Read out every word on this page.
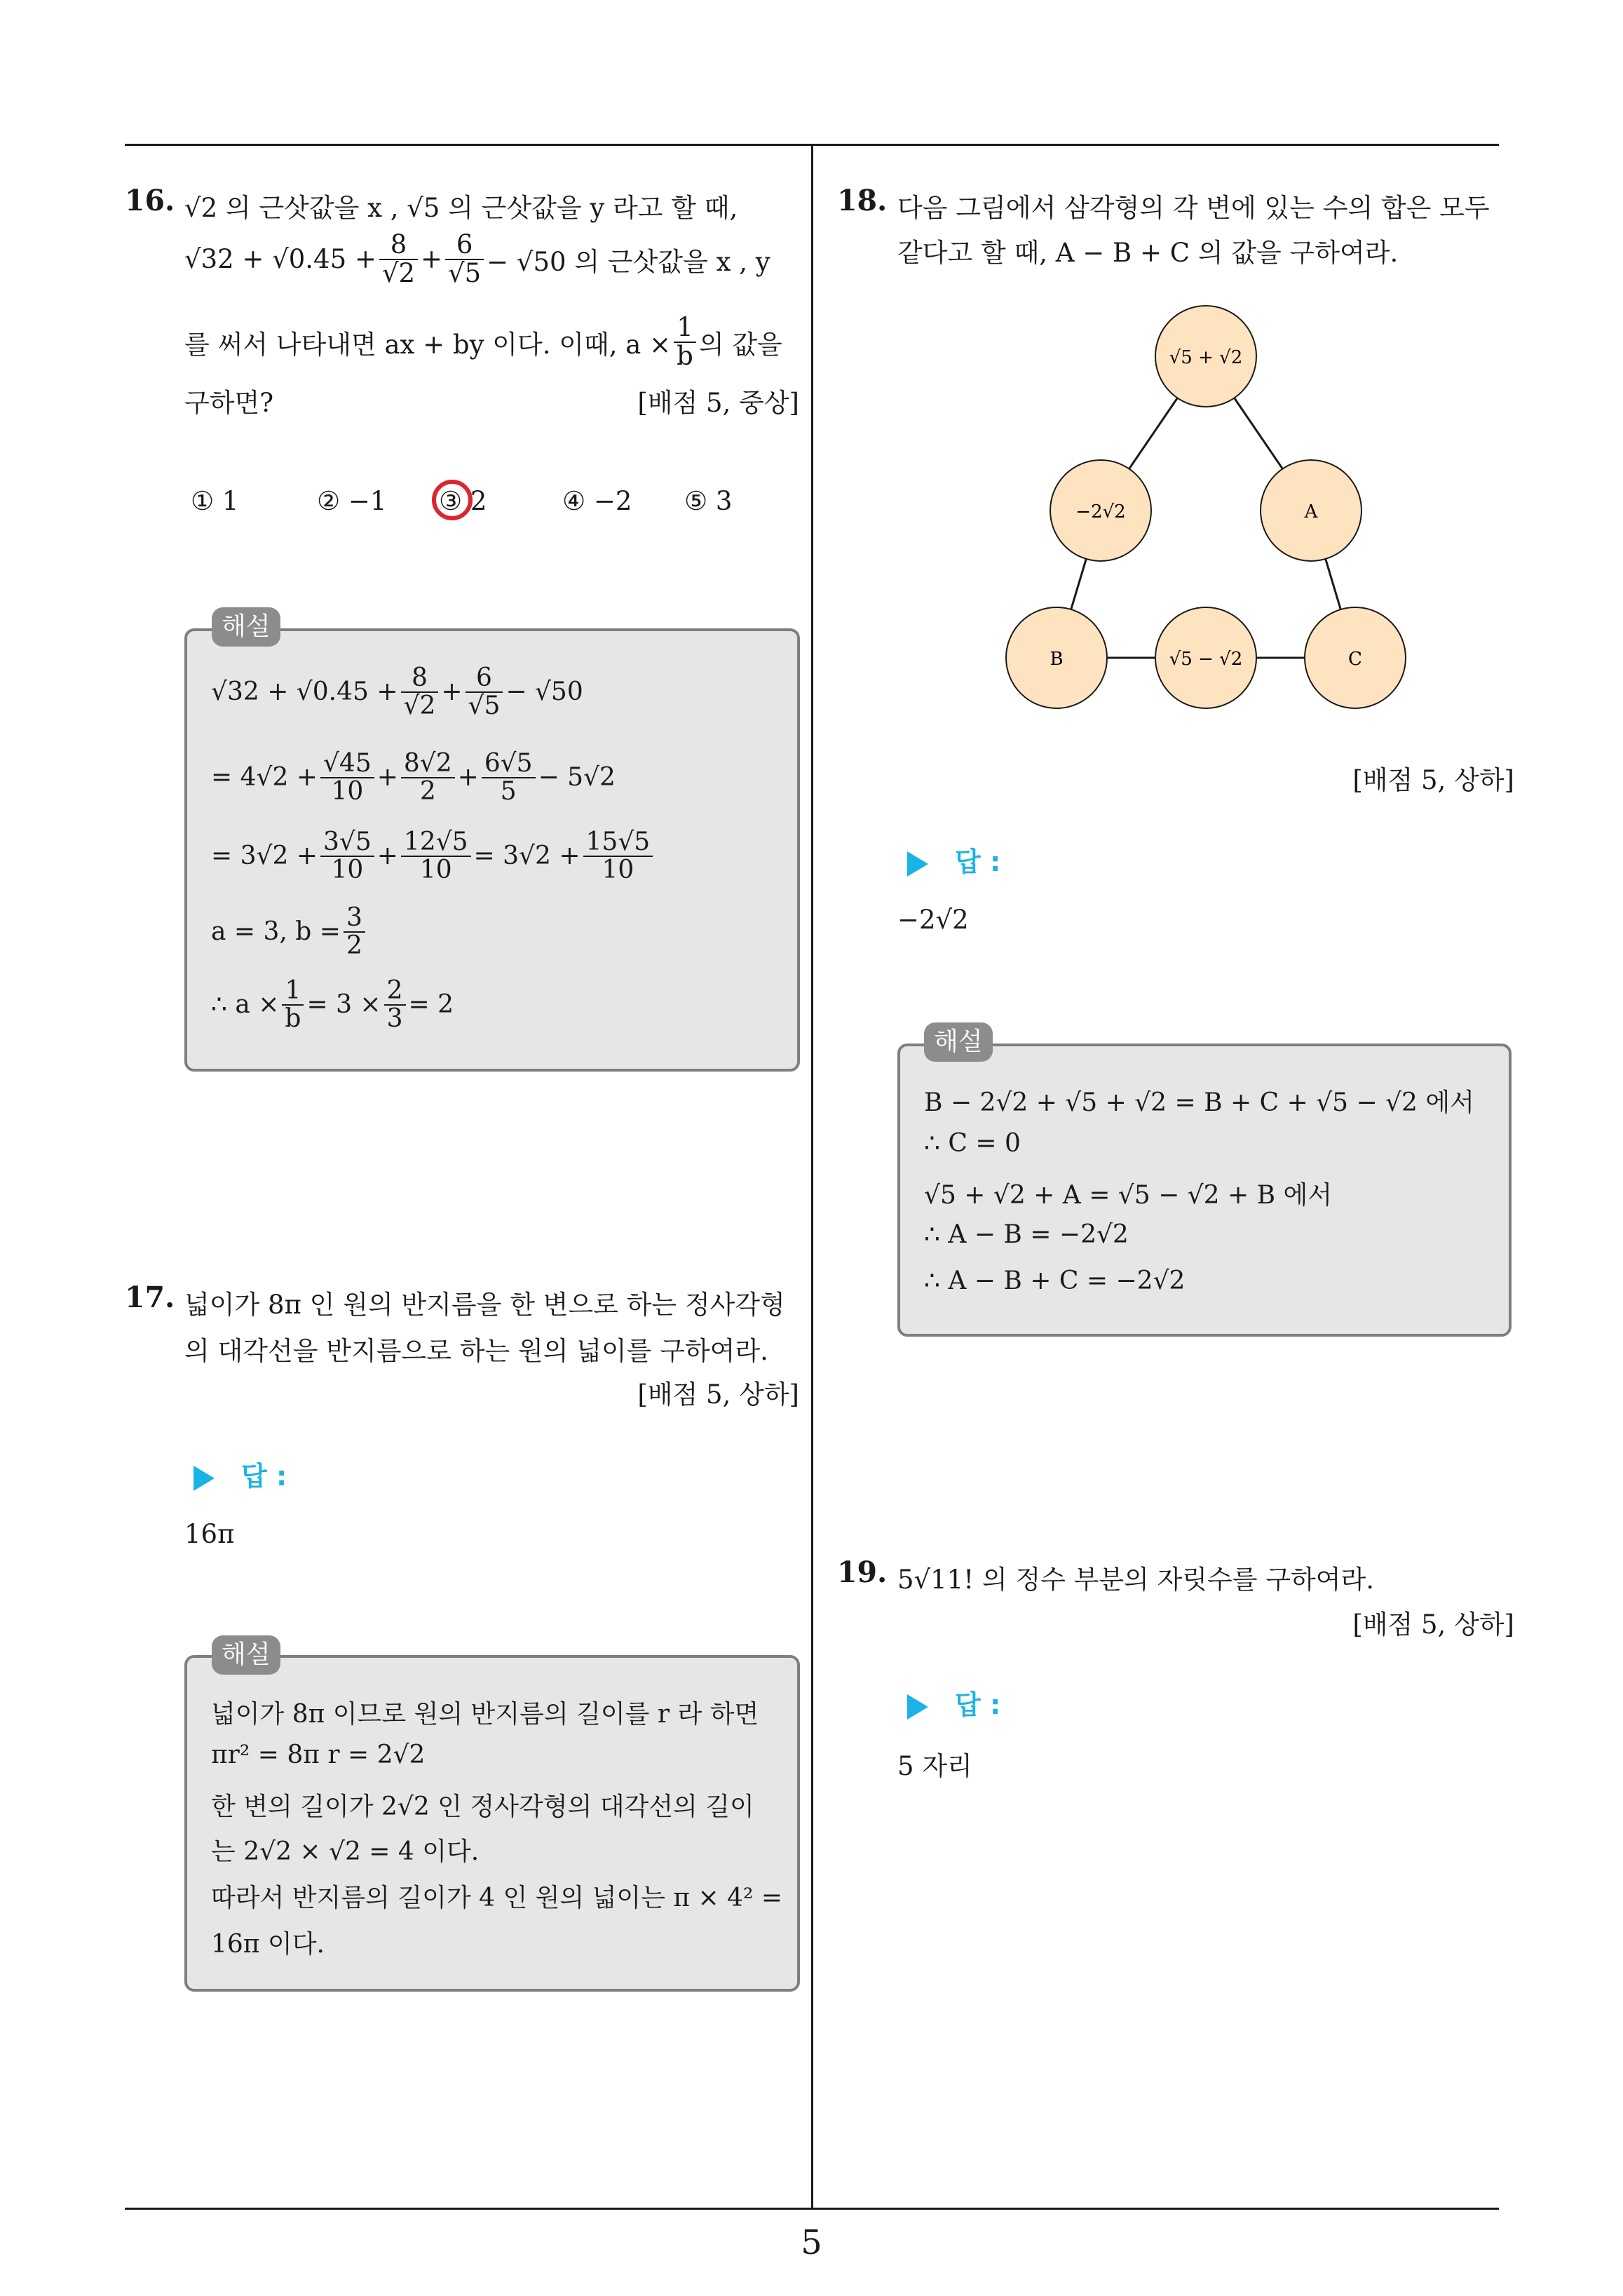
16. √2 의 근삿값을 x , √5 의 근삿값을 y 라고 할 때,
$√32 + √0.45 + \frac{8}{√2} + \frac{6}{√5} - √50$ 의 근삿값을 x , y
를 써서 나타내면 ax + by 이다. 이때, $a \times \frac{1}{b}$ 의 값을
구하면?	[배점 5, 중상]
① 1	② −1 ③ 2	④ −2 ⑤ 3
$√32 + √0.45 + \frac{8}{√2} + \frac{6}{√5} - √50$
= $4√2 + \frac{√45}{10} + \frac{8√2}{2} + \frac{6√5}{5} - 5√2$
= $3√2 + \frac{3√5}{10} + \frac{12√5}{10} = 3√2 + \frac{15√5}{10}$
a = 3, $b = \frac{3}{2}$
∴ $a \times \frac{1}{b} = 3 \times \frac{2}{3} = 2$
해설
17. 넓이가 8π 인 원의 반지름을 한 변으로 하는 정사각형
의 대각선을 반지름으로 하는 원의 넓이를 구하여라.
[배점 5, 상하]
답 :
16π
넓이가 8π 이므로 원의 반지름의 길이를 r 라 하면
πr² = 8π r = 2√2
한 변의 길이가 2√2 인 정사각형의 대각선의 길이
는 2√2 × √2 = 4 이다.
따라서 반지름의 길이가 4 인 원의 넓이는 π × 4² =
16π 이다.
해설
18. 다음 그림에서 삼각형의 각 변에 있는 수의 합은 모두
같다고 할 때, A − B + C 의 값을 구하여라.
√5 + √2
−2√2	A
B	√5 − √2	C
[배점 5, 상하]
답 :
−2√2
B − 2√2 + √5 + √2 = B + C + √5 − √2 에서
∴ C = 0
√5 + √2 + A = √5 − √2 + B 에서
∴ A − B = −2√2
∴ A − B + C = −2√2
해설
19. 5√11! 의 정수 부분의 자릿수를 구하여라.
[배점 5, 상하]
답 :
5 자리
5
